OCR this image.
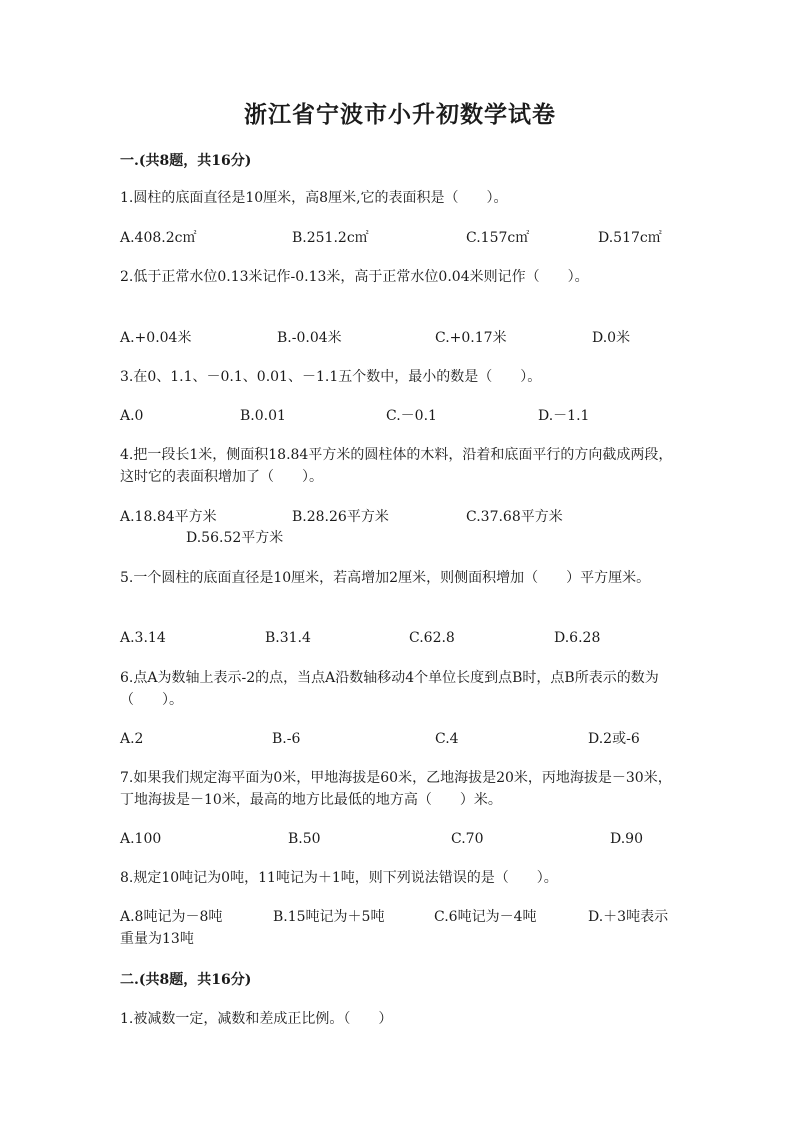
浙江省宁波市小升初数学试卷
一.(共8题，共16分)
1.圆柱的底面直径是10厘米，高8厘米,它的表面积是（　　）。
A.408.2c㎡	B.251.2c㎡	C.157c㎡	D.517c㎡
2.低于正常水位0.13米记作-0.13米，高于正常水位0.04米则记作（　　）。
A.+0.04米	B.-0.04米	C.+0.17米	D.0米
3.在0、1.1、－0.1、0.01、－1.1五个数中，最小的数是（　　）。
A.0	B.0.01	C.－0.1	D.－1.1
4.把一段长1米，侧面积18.84平方米的圆柱体的木料，沿着和底面平行的方向截成两段，这时它的表面积增加了（　　）。
A.18.84平方米	B.28.26平方米	C.37.68平方米
D.56.52平方米
5.一个圆柱的底面直径是10厘米，若高增加2厘米，则侧面积增加（　　）平方厘米。
A.3.14	B.31.4	C.62.8	D.6.28
6.点A为数轴上表示-2的点，当点A沿数轴移动4个单位长度到点B时，点B所表示的数为（　　）。
A.2	B.-6	C.4	D.2或-6
7.如果我们规定海平面为0米，甲地海拔是60米，乙地海拔是20米，丙地海拔是－30米，丁地海拔是－10米，最高的地方比最低的地方高（　　）米。
A.100	B.50	C.70	D.90
8.规定10吨记为0吨，11吨记为＋1吨，则下列说法错误的是（　　）。
A.8吨记为－8吨	B.15吨记为＋5吨	C.6吨记为－4吨	D.＋3吨表示重量为13吨
二.(共8题，共16分)
1.被减数一定，减数和差成正比例。（　　）
